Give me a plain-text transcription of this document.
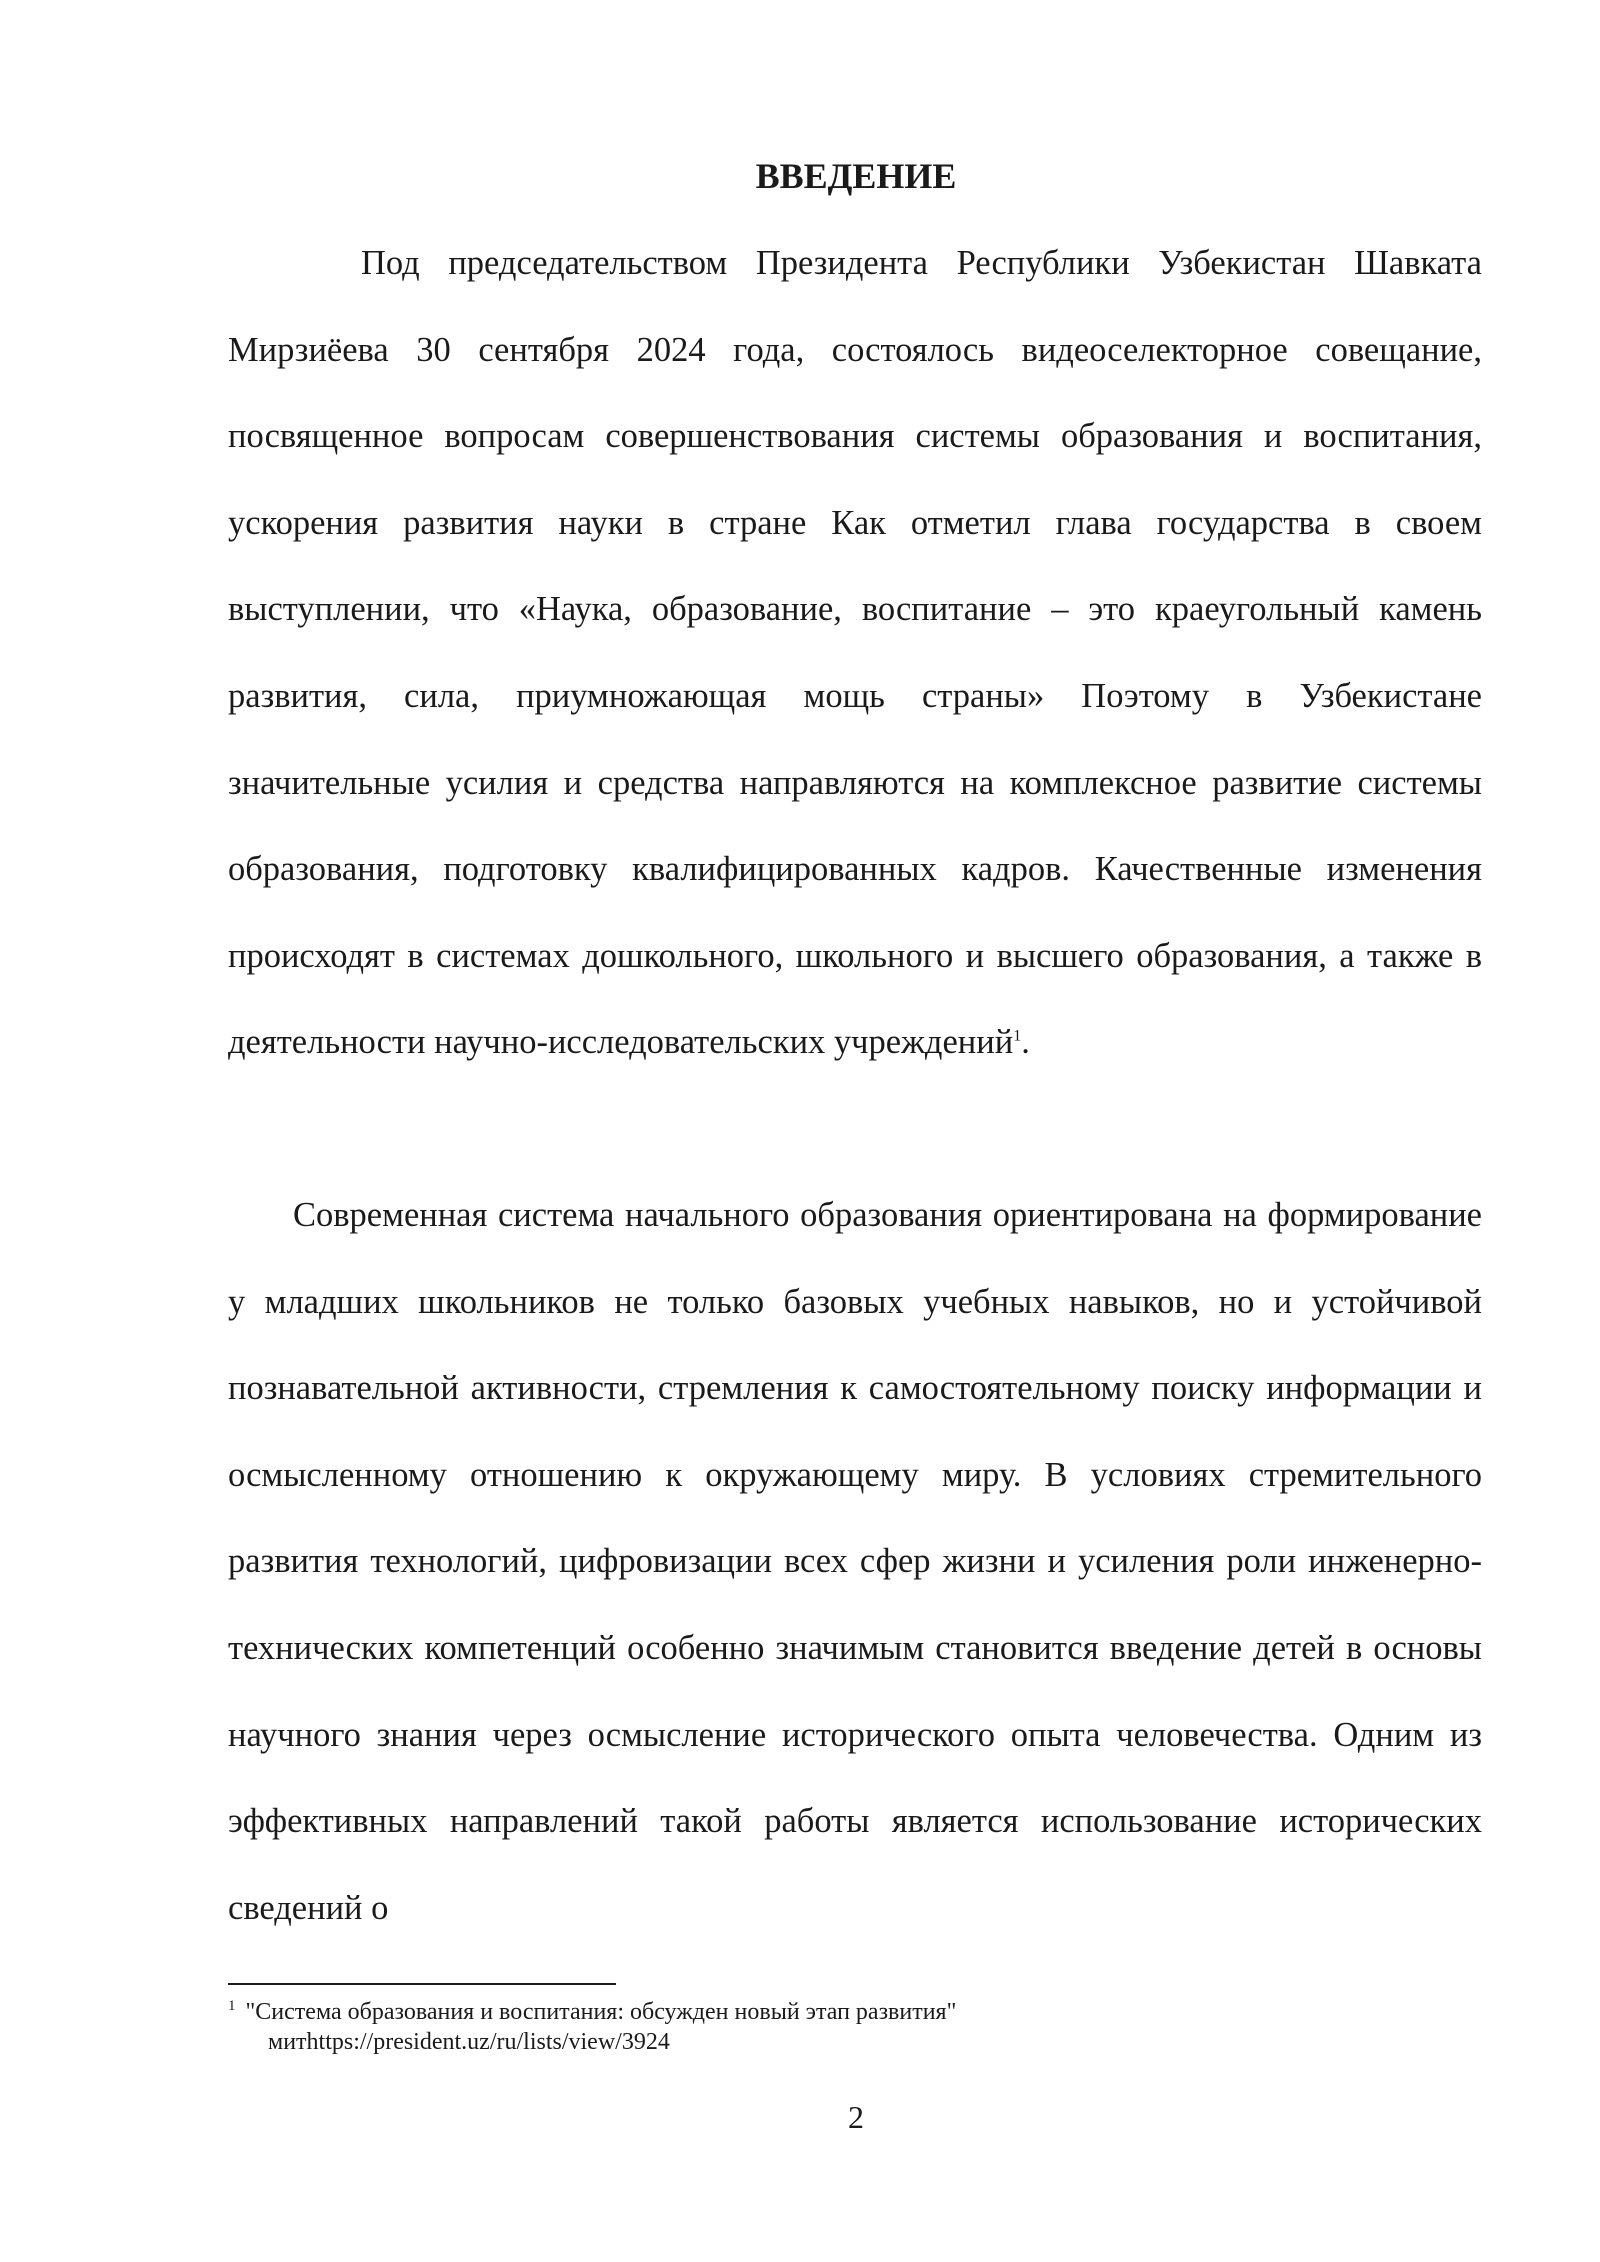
ВВЕДЕНИЕ

Под председательством Президента Республики Узбекистан Шавката Мирзиёева 30 сентября 2024 года, состоялось видеоселекторное совещание, посвященное вопросам совершенствования системы образования и воспитания, ускорения развития науки в стране Как отметил глава государства в своем выступлении, что «Наука, образование, воспитание – это краеугольный камень развития, сила, приумножающая мощь страны» Поэтому в Узбекистане значительные усилия и средства направляются на комплексное развитие системы образования, подготовку квалифицированных кадров. Качественные изменения происходят в системах дошкольного, школьного и высшего образования, а также в деятельности научно-исследовательских учреждений$^1$.

Современная система начального образования ориентирована на формирование у младших школьников не только базовых учебных навыков, но и устойчивой познавательной активности, стремления к самостоятельному поиску информации и осмысленному отношению к окружающему миру. В условиях стремительного развития технологий, цифровизации всех сфер жизни и усиления роли инженерно-технических компетенций особенно значимым становится введение детей в основы научного знания через осмысление исторического опыта человечества. Одним из эффективных направлений такой работы является использование исторических сведений о

$^1$ "Система образования и воспитания: обсужден новый этап развития"
митhttps://president.uz/ru/lists/view/3924
2
